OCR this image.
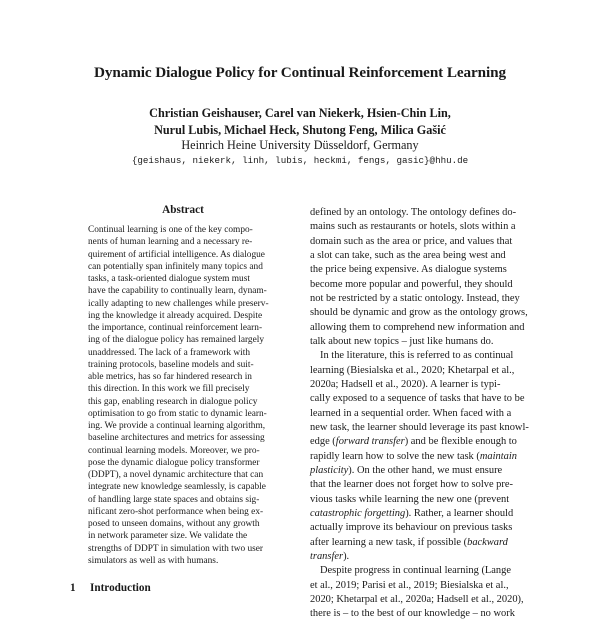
Dynamic Dialogue Policy for Continual Reinforcement Learning
Christian Geishauser, Carel van Niekerk, Hsien-Chin Lin,
Nurul Lubis, Michael Heck, Shutong Feng, Milica Gašić
Heinrich Heine University Düsseldorf, Germany
{geishaus, niekerk, linh, lubis, heckmi, fengs, gasic}@hhu.de
Abstract
Continual learning is one of the key compo-
nents of human learning and a necessary re-
quirement of artificial intelligence. As dialogue
can potentially span infinitely many topics and
tasks, a task-oriented dialogue system must
have the capability to continually learn, dynam-
ically adapting to new challenges while preserv-
ing the knowledge it already acquired. Despite
the importance, continual reinforcement learn-
ing of the dialogue policy has remained largely
unaddressed. The lack of a framework with
training protocols, baseline models and suit-
able metrics, has so far hindered research in
this direction. In this work we fill precisely
this gap, enabling research in dialogue policy
optimisation to go from static to dynamic learn-
ing. We provide a continual learning algorithm,
baseline architectures and metrics for assessing
continual learning models. Moreover, we pro-
pose the dynamic dialogue policy transformer
(DDPT), a novel dynamic architecture that can
integrate new knowledge seamlessly, is capable
of handling large state spaces and obtains sig-
nificant zero-shot performance when being ex-
posed to unseen domains, without any growth
in network parameter size. We validate the
strengths of DDPT in simulation with two user
simulators as well as with humans.
defined by an ontology. The ontology defines do-
mains such as restaurants or hotels, slots within a
domain such as the area or price, and values that
a slot can take, such as the area being west and
the price being expensive. As dialogue systems
become more popular and powerful, they should
not be restricted by a static ontology. Instead, they
should be dynamic and grow as the ontology grows,
allowing them to comprehend new information and
talk about new topics – just like humans do.
In the literature, this is referred to as continual
learning (Biesialska et al., 2020; Khetarpal et al.,
2020a; Hadsell et al., 2020). A learner is typi-
cally exposed to a sequence of tasks that have to be
learned in a sequential order. When faced with a
new task, the learner should leverage its past knowl-
edge (forward transfer) and be flexible enough to
rapidly learn how to solve the new task (maintain
plasticity). On the other hand, we must ensure
that the learner does not forget how to solve pre-
vious tasks while learning the new one (prevent
catastrophic forgetting). Rather, a learner should
actually improve its behaviour on previous tasks
after learning a new task, if possible (backward
transfer).
Despite progress in continual learning (Lange
et al., 2019; Parisi et al., 2019; Biesialska et al.,
2020; Khetarpal et al., 2020a; Hadsell et al., 2020),
there is – to the best of our knowledge – no work
1 Introduction
